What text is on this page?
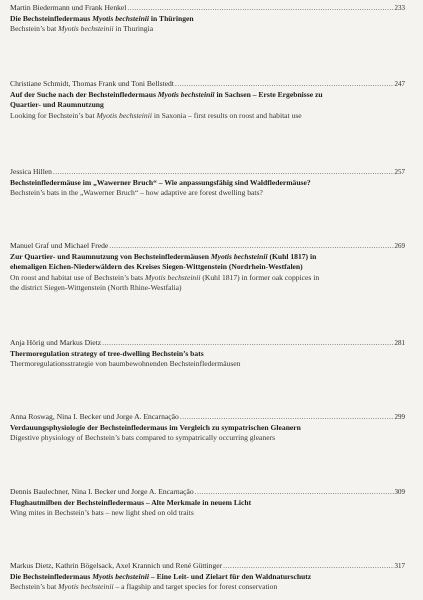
Martin Biedermann und Frank Henkel .....	233
Die Bechsteinfledermaus Myotis bechsteinii in Thüringen
Bechstein’s bat Myotis bechsteinii in Thuringia
Christiane Schmidt, Thomas Frank und Toni Bellstedt .....	247
Auf der Suche nach der Bechsteinfledermaus Myotis bechsteinii in Sachsen – Erste Ergebnisse zu
Quartier- und Raumnutzung
Looking for Bechstein’s bat Myotis bechsteinii in Saxonia – first results on roost and habitat use
Jessica Hillen .....	257
Bechsteinfledermäuse im „Wawerner Bruch“ – Wie anpassungsfähig sind Waldfledermäuse?
Bechstein’s bats in the „Wawerner Bruch“ – how adaptive are forest dwelling bats?
Manuel Graf und Michael Frede .....	269
Zur Quartier- und Raumnutzung von Bechsteinfledermäusen Myotis bechsteinii (Kuhl 1817) in
ehemaligen Eichen-Niederwäldern des Kreises Siegen-Wittgenstein (Nordrhein-Westfalen)
On roost and habitat use of Bechstein’s bats Myotis bechsteinii (Kuhl 1817) in former oak coppices in
the district Siegen-Wittgenstein (North Rhine-Westfalia)
Anja Hörig und Markus Dietz .....	281
Thermoregulation strategy of tree-dwelling Bechstein’s bats
Thermoregulationsstrategie von baumbewohnenden Bechsteinfledermäusen
Anna Roswag, Nina I. Becker und Jorge A. Encarnação .....	299
Verdauungsphysiologie der Bechsteinfledermaus im Vergleich zu sympatrischen Gleanern
Digestive physiology of Bechstein’s bats compared to sympatrically occurring gleaners
Dennis Baulechner, Nina I. Becker und Jorge A. Encarnação .....	309
Flughautmilben der Bechsteinfledermaus – Alte Merkmale in neuem Licht
Wing mites in Bechstein’s bats – new light shed on old traits
Markus Dietz, Kathrin Bögelsack, Axel Krannich und René Güttinger .....	317
Die Bechsteinfledermaus Myotis bechsteinii – Eine Leit- und Zielart für den Waldnaturschutz
Bechstein’s bat Myotis bechsteinii – a flagship and target species for forest conservation
